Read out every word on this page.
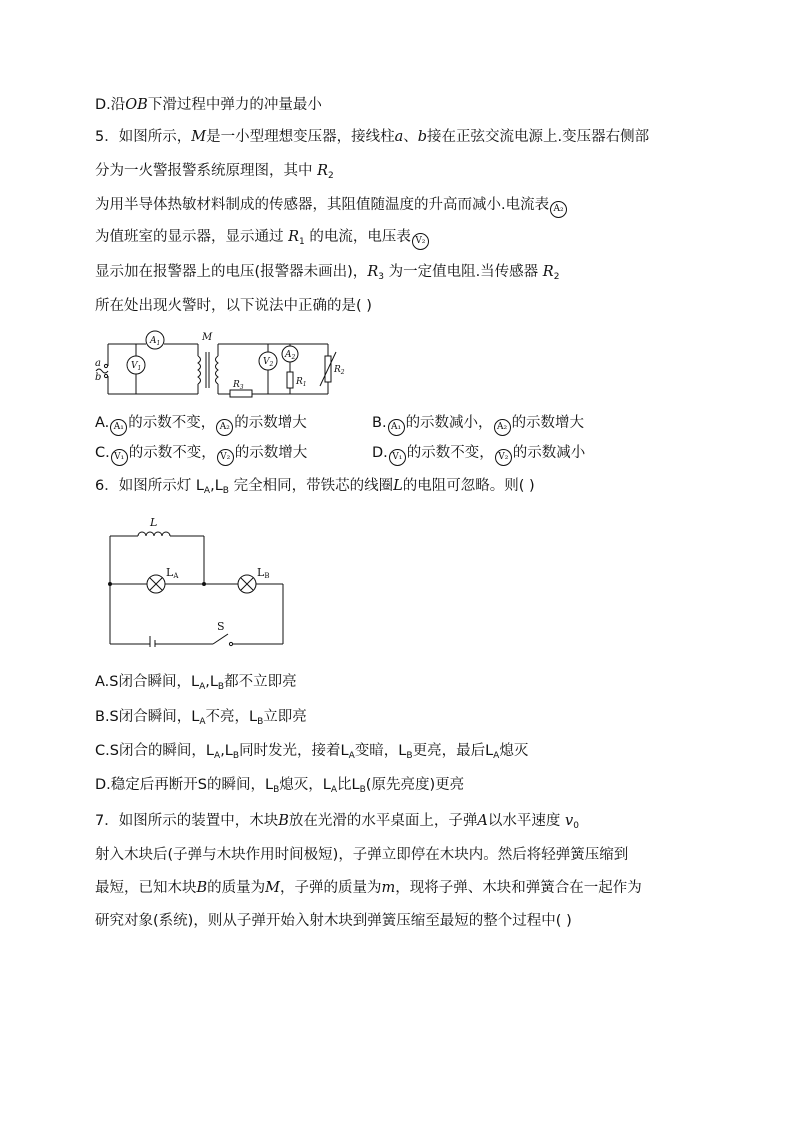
D.沿OB下滑过程中弹力的冲量最小
5．如图所示，M是一小型理想变压器，接线柱a、b接在正弦交流电源上.变压器右侧部
分为一火警报警系统原理图，其中 $R_2$
为用半导体热敏材料制成的传感器，其阻值随温度的升高而减小.电流表 A₂
为值班室的显示器，显示通过 $R_1$ 的电流，电压表 V₂
显示加在报警器上的电压(报警器未画出)，$R_3$ 为一定值电阻.当传感器 $R_2$
所在处出现火警时，以下说法中正确的是( )
$A_1$
$V_1$
$V_2$
$A_2$
M
a
b
$R_3$
$R_1$
$R_2$
A. A₁ 的示数不变， A₂ 的示数增大	B. A₁ 的示数减小， A₂ 的示数增大
C. V₁ 的示数不变， V₂ 的示数增大	D. V₁ 的示数不变， V₂ 的示数减小
6．如图所示灯 $L_A,L_B$ 完全相同，带铁芯的线圈L的电阻可忽略。则( )
L
LA	LB
S
A.S闭合瞬间，$L_A,L_B$都不立即亮
B.S闭合瞬间，$L_A$不亮，$L_B$立即亮
C.S闭合的瞬间，$L_A,L_B$同时发光，接着$L_A$变暗，$L_B$更亮，最后$L_A$熄灭
D.稳定后再断开S的瞬间，$L_B$熄灭，$L_A$比$L_B$(原先亮度)更亮
7．如图所示的装置中，木块B放在光滑的水平桌面上，子弹A以水平速度 $v_0$
射入木块后(子弹与木块作用时间极短)，子弹立即停在木块内。然后将轻弹簧压缩到
最短，已知木块B的质量为M，子弹的质量为m，现将子弹、木块和弹簧合在一起作为
研究对象(系统)，则从子弹开始入射木块到弹簧压缩至最短的整个过程中( )
